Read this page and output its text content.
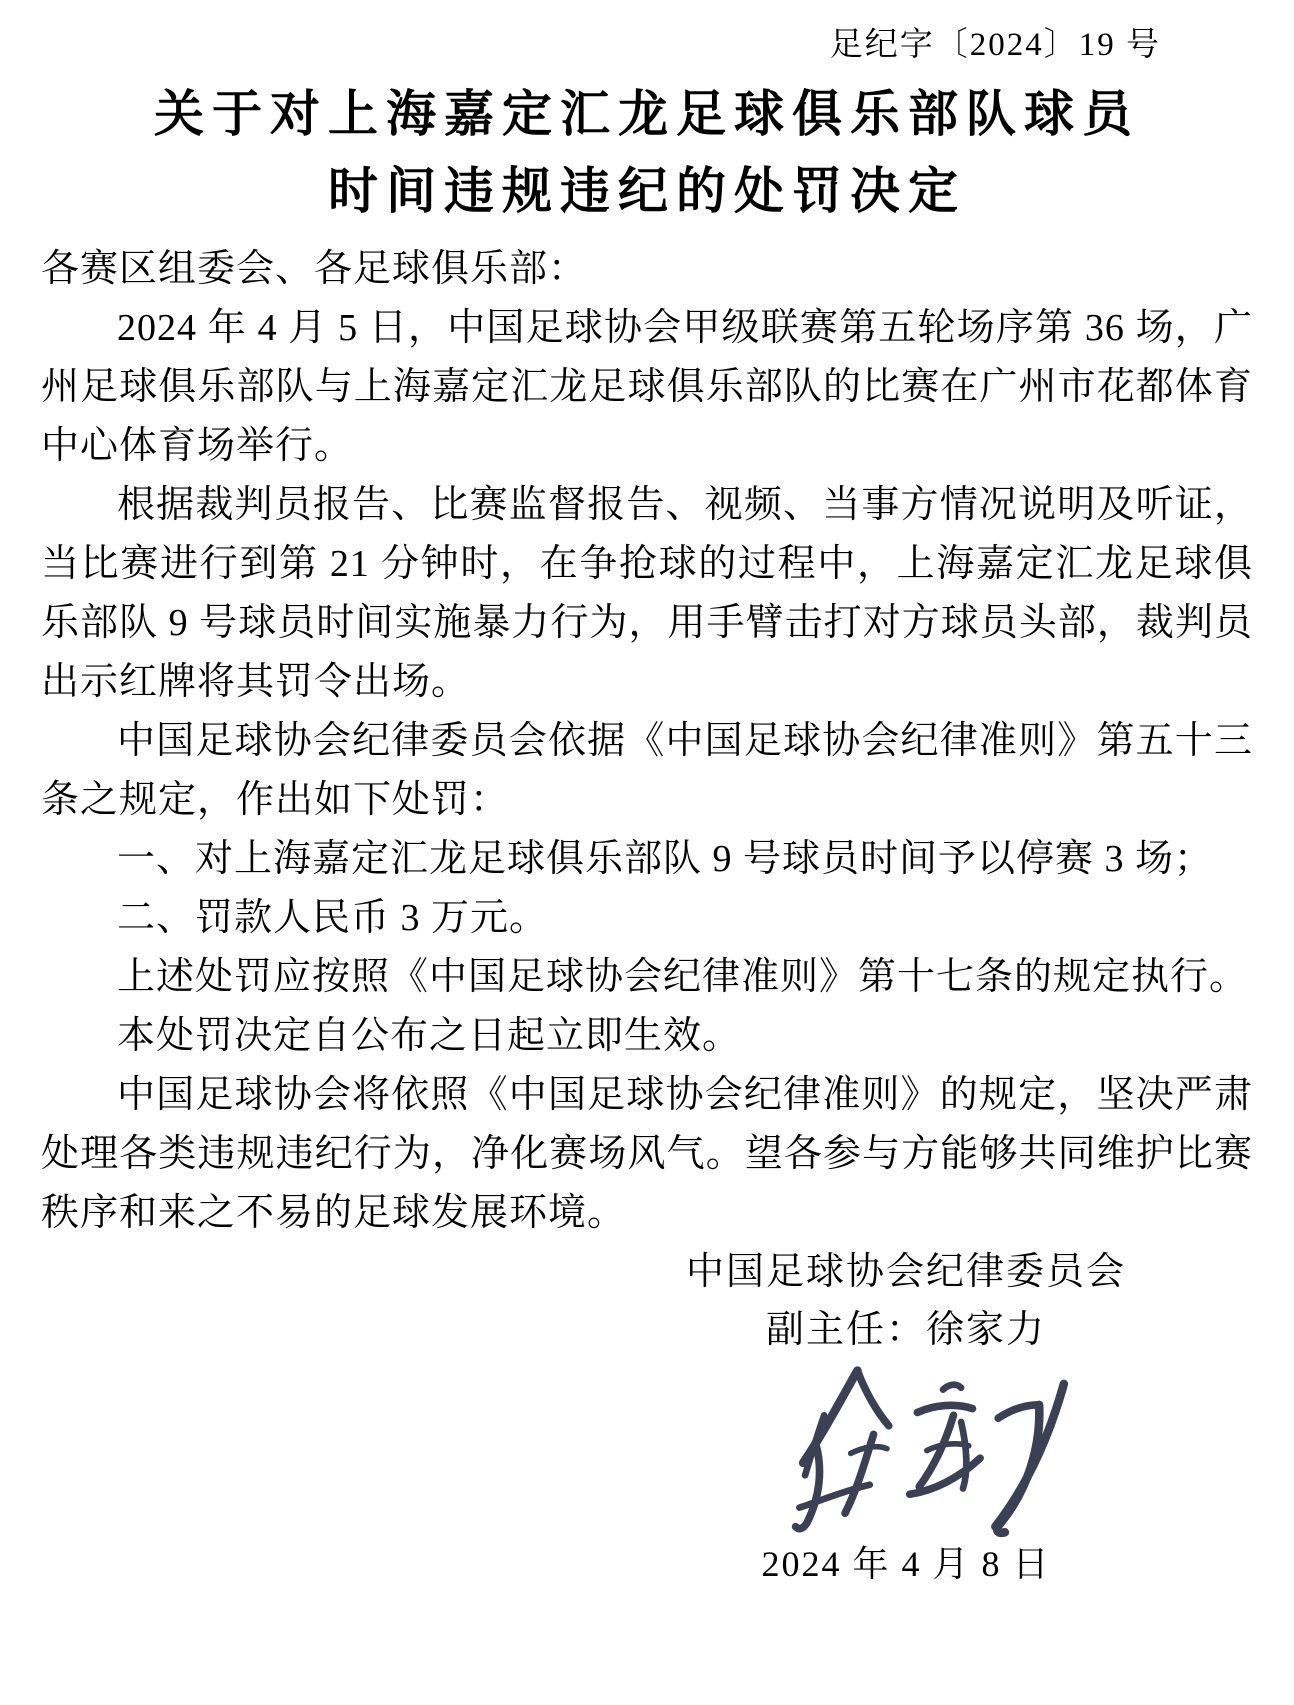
足纪字〔2024〕19 号
关于对上海嘉定汇龙足球俱乐部队球员
时间违规违纪的处罚决定

各赛区组委会、各足球俱乐部：

2024 年 4 月 5 日，中国足球协会甲级联赛第五轮场序第 36 场，广州足球俱乐部队与上海嘉定汇龙足球俱乐部队的比赛在广州市花都体育中心体育场举行。

根据裁判员报告、比赛监督报告、视频、当事方情况说明及听证，当比赛进行到第 21 分钟时，在争抢球的过程中，上海嘉定汇龙足球俱乐部队 9 号球员时间实施暴力行为，用手臂击打对方球员头部，裁判员出示红牌将其罚令出场。

中国足球协会纪律委员会依据《中国足球协会纪律准则》第五十三条之规定，作出如下处罚：

一、对上海嘉定汇龙足球俱乐部队 9 号球员时间予以停赛 3 场；

二、罚款人民币 3 万元。

上述处罚应按照《中国足球协会纪律准则》第十七条的规定执行。

本处罚决定自公布之日起立即生效。

中国足球协会将依照《中国足球协会纪律准则》的规定，坚决严肃处理各类违规违纪行为，净化赛场风气。望各参与方能够共同维护比赛秩序和来之不易的足球发展环境。

中国足球协会纪律委员会
副主任：徐家力
2024 年 4 月 8 日
